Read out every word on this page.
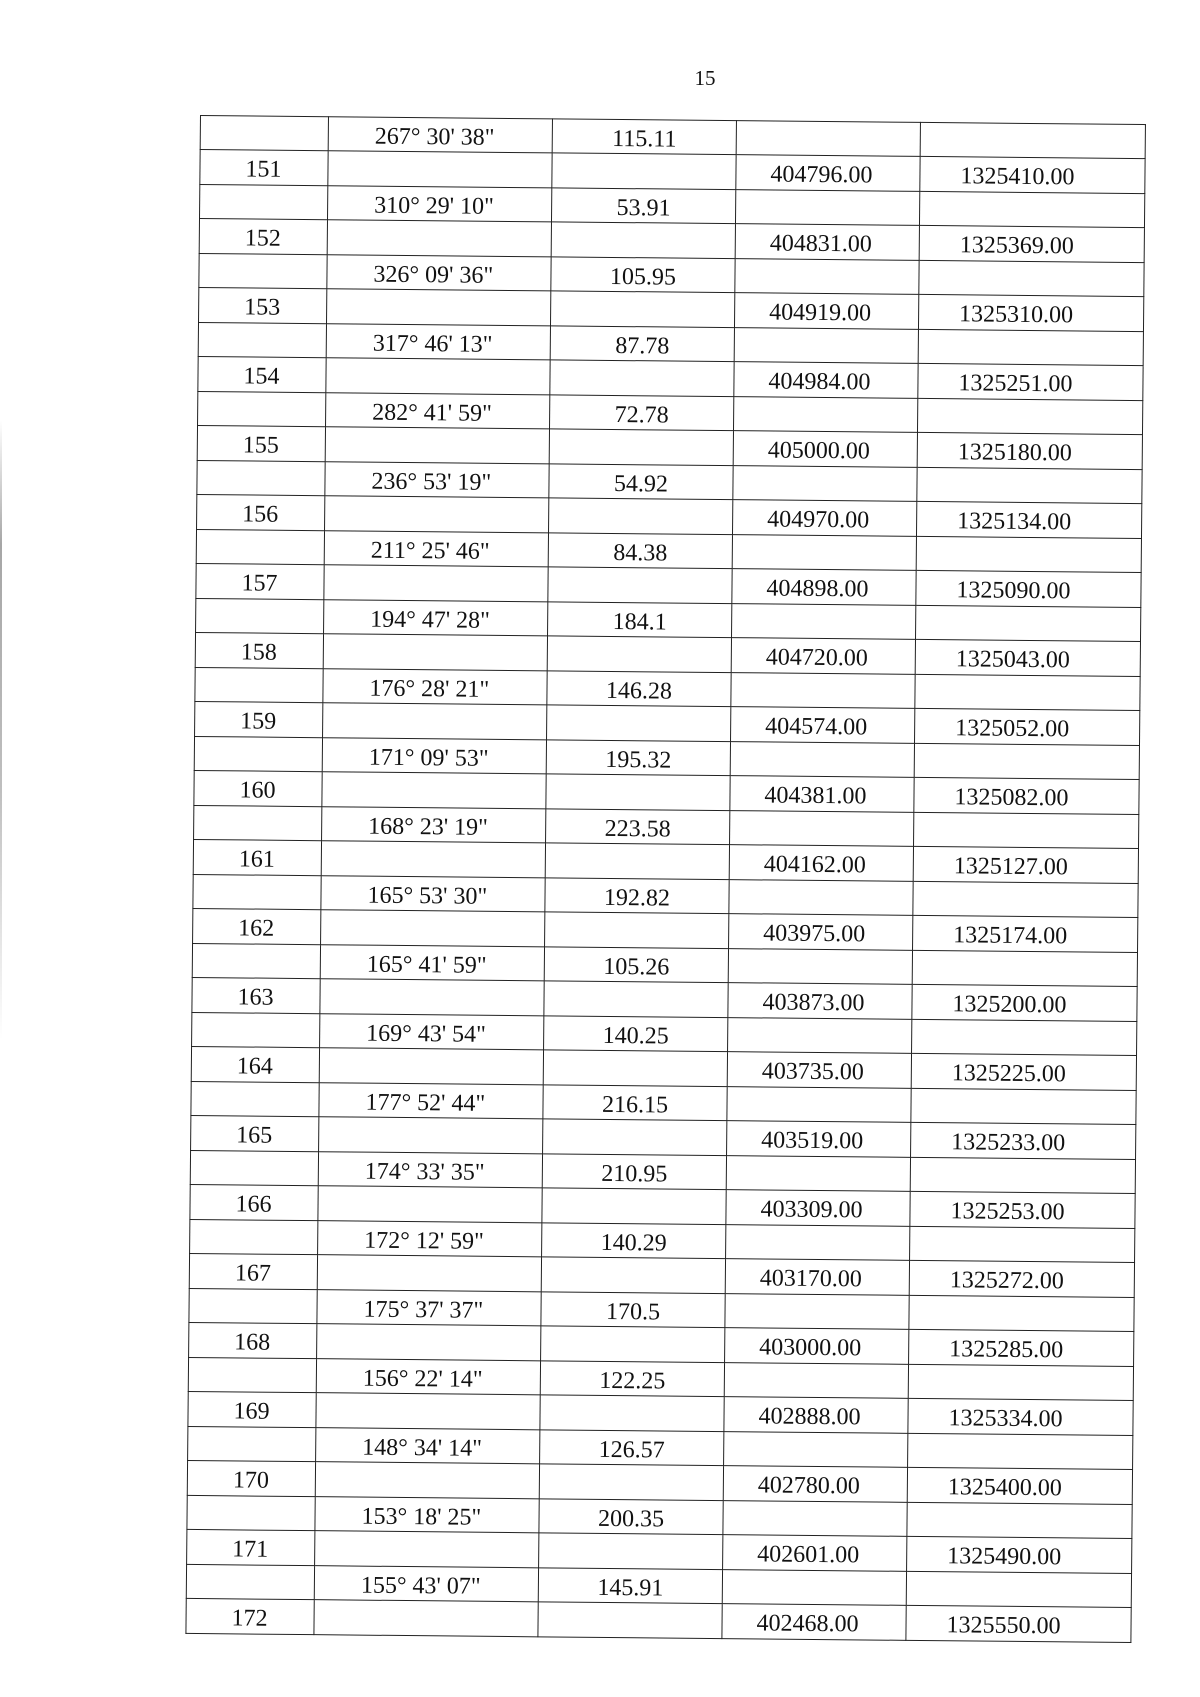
15
	267° 30' 38"	115.11		
151			404796.00	1325410.00
	310° 29' 10"	53.91		
152			404831.00	1325369.00
	326° 09' 36"	105.95		
153			404919.00	1325310.00
	317° 46' 13"	87.78		
154			404984.00	1325251.00
	282° 41' 59"	72.78		
155			405000.00	1325180.00
	236° 53' 19"	54.92		
156			404970.00	1325134.00
	211° 25' 46"	84.38		
157			404898.00	1325090.00
	194° 47' 28"	184.1		
158			404720.00	1325043.00
	176° 28' 21"	146.28		
159			404574.00	1325052.00
	171° 09' 53"	195.32		
160			404381.00	1325082.00
	168° 23' 19"	223.58		
161			404162.00	1325127.00
	165° 53' 30"	192.82		
162			403975.00	1325174.00
	165° 41' 59"	105.26		
163			403873.00	1325200.00
	169° 43' 54"	140.25		
164			403735.00	1325225.00
	177° 52' 44"	216.15		
165			403519.00	1325233.00
	174° 33' 35"	210.95		
166			403309.00	1325253.00
	172° 12' 59"	140.29		
167			403170.00	1325272.00
	175° 37' 37"	170.5		
168			403000.00	1325285.00
	156° 22' 14"	122.25		
169			402888.00	1325334.00
	148° 34' 14"	126.57		
170			402780.00	1325400.00
	153° 18' 25"	200.35		
171			402601.00	1325490.00
	155° 43' 07"	145.91		
172			402468.00	1325550.00
